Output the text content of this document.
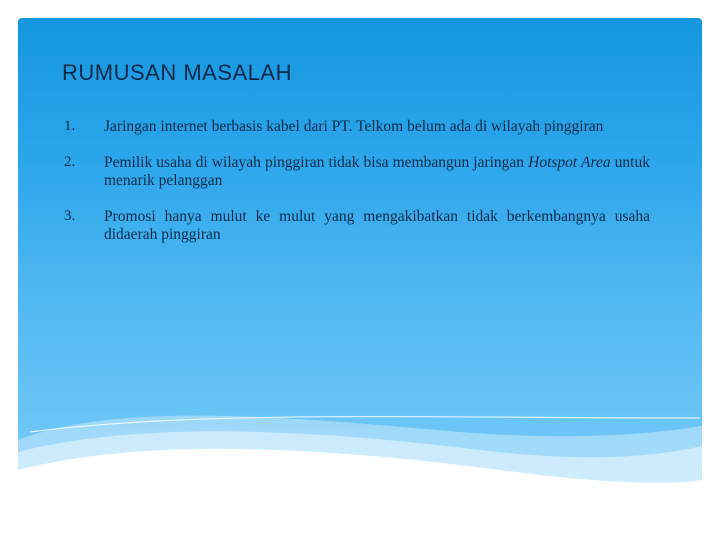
RUMUSAN MASALAH
1. Jaringan internet berbasis kabel dari PT. Telkom belum ada di wilayah pinggiran
2. Pemilik usaha di wilayah pinggiran tidak bisa membangun jaringan Hotspot Area untuk menarik pelanggan
3. Promosi hanya mulut ke mulut yang mengakibatkan tidak berkembangnya usaha didaerah pinggiran
